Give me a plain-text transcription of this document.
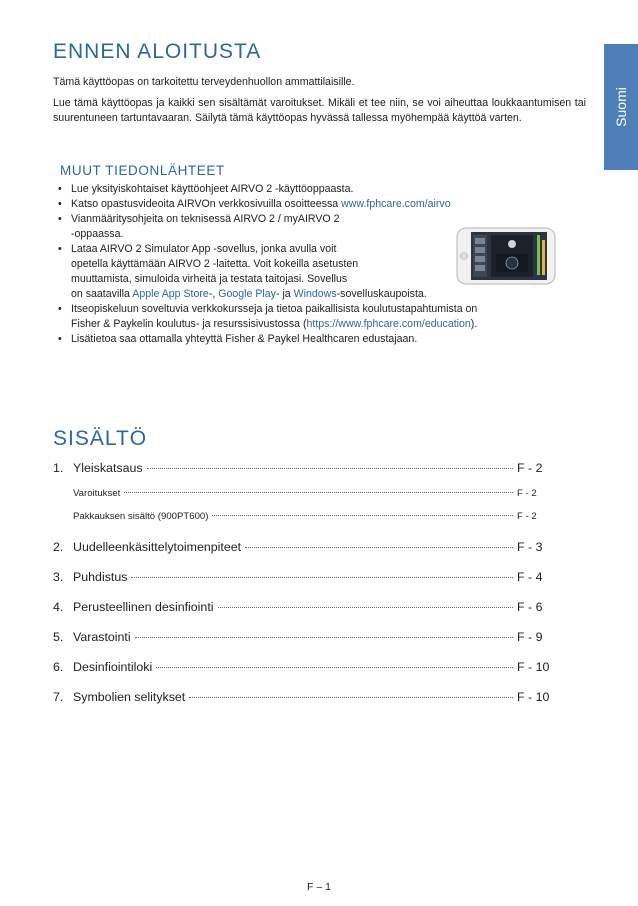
Suomi
ENNEN ALOITUSTA
Tämä käyttöopas on tarkoitettu terveydenhuollon ammattilaisille.
Lue tämä käyttöopas ja kaikki sen sisältämät varoitukset. Mikäli et tee niin, se voi aiheuttaa loukkaantumisen tai suurentuneen tartuntavaaran. Säilytä tämä käyttöopas hyvässä tallessa myöhempää käyttöä varten.
MUUT TIEDONLÄHTEET
• Lue yksityiskohtaiset käyttöohjeet AIRVO 2 -käyttöoppaasta.
• Katso opastusvideoita AIRVOn verkkosivuilla osoitteessa www.fphcare.com/airvo
• Vianmääritysohjeita on teknisessä AIRVO 2 / myAIRVO 2
-oppaassa.
• Lataa AIRVO 2 Simulator App -sovellus, jonka avulla voit
opetella käyttämään AIRVO 2 -laitetta. Voit kokeilla asetusten
muuttamista, simuloida virheitä ja testata taitojasi. Sovellus
on saatavilla Apple App Store-, Google Play- ja Windows-sovelluskaupoista.
• Itseopiskeluun soveltuvia verkkokursseja ja tietoa paikallisista koulutustapahtumista on
Fisher & Paykelin koulutus- ja resurssisivustossa (https://www.fphcare.com/education).
• Lisätietoa saa ottamalla yhteyttä Fisher & Paykel Healthcaren edustajaan.
SISÄLTÖ
1. Yleiskatsaus	F - 2
Varoitukset	F - 2
Pakkauksen sisältö (900PT600)	F - 2
2. Uudelleenkäsittelytoimenpiteet	F - 3
3. Puhdistus	F - 4
4. Perusteellinen desinfiointi	F - 6
5. Varastointi	F - 9
6. Desinfiointiloki	F - 10
7. Symbolien selitykset	F - 10
F – 1
